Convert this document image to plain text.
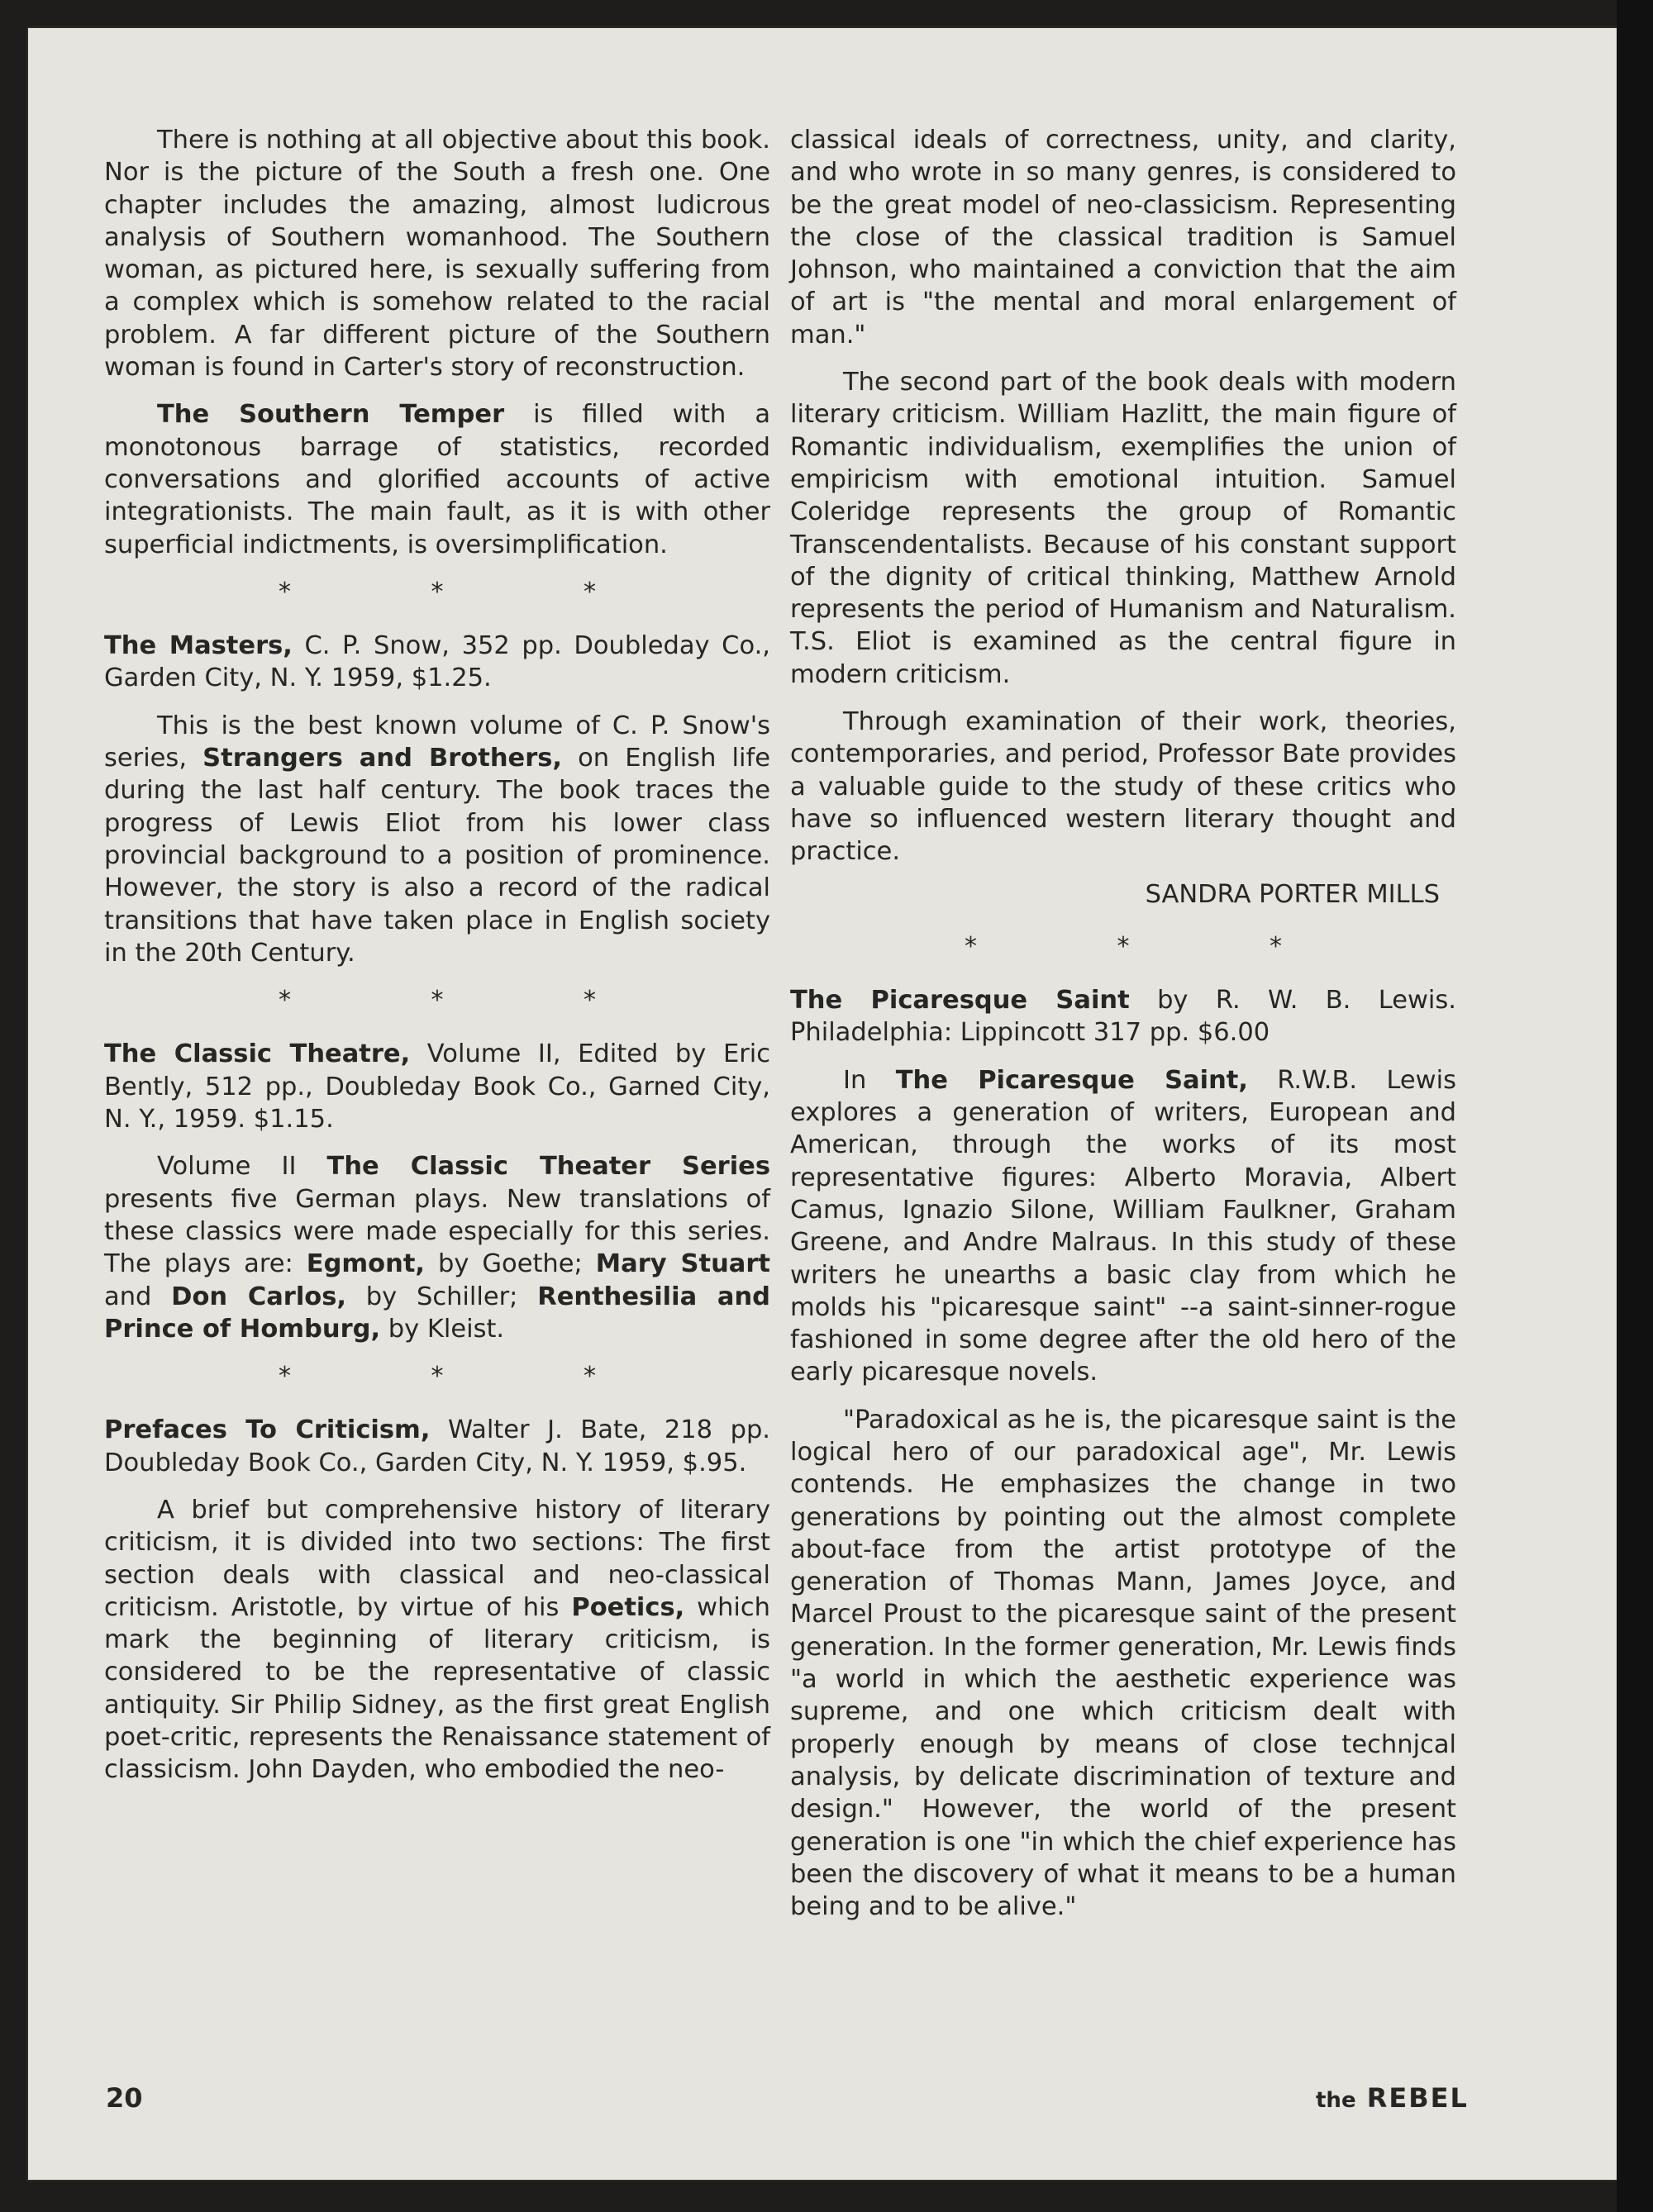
There is nothing at all objective about this book. Nor is the picture of the South a fresh one. One chapter includes the amazing, almost ludicrous analysis of Southern womanhood. The Southern woman, as pictured here, is sexually suffering from a complex which is somehow related to the racial problem. A far different picture of the Southern woman is found in Carter's story of reconstruction.

The Southern Temper is filled with a monotonous barrage of statistics, recorded conversations and glorified accounts of active integrationists. The main fault, as it is with other superficial indictments, is oversimplification.

* * *

The Masters, C. P. Snow, 352 pp. Doubleday Co., Garden City, N. Y. 1959, $1.25.

This is the best known volume of C. P. Snow's series, Strangers and Brothers, on English life during the last half century. The book traces the progress of Lewis Eliot from his lower class provincial background to a position of prominence. However, the story is also a record of the radical transitions that have taken place in English society in the 20th Century.

* * *

The Classic Theatre, Volume II, Edited by Eric Bently, 512 pp., Doubleday Book Co., Garned City, N. Y., 1959. $1.15.

Volume II The Classic Theater Series presents five German plays. New translations of these classics were made especially for this series. The plays are: Egmont, by Goethe; Mary Stuart and Don Carlos, by Schiller; Renthesilia and Prince of Homburg, by Kleist.

* * *

Prefaces To Criticism, Walter J. Bate, 218 pp. Doubleday Book Co., Garden City, N. Y. 1959, $.95.

A brief but comprehensive history of literary criticism, it is divided into two sections: The first section deals with classical and neo-classical criticism. Aristotle, by virtue of his Poetics, which mark the beginning of literary criticism, is considered to be the representative of classic antiquity. Sir Philip Sidney, as the first great English poet-critic, represents the Renaissance statement of classicism. John Dayden, who embodied the neo-

classical ideals of correctness, unity, and clarity, and who wrote in so many genres, is considered to be the great model of neo-classicism. Representing the close of the classical tradition is Samuel Johnson, who maintained a conviction that the aim of art is "the mental and moral enlargement of man."

The second part of the book deals with modern literary criticism. William Hazlitt, the main figure of Romantic individualism, exemplifies the union of empiricism with emotional intuition. Samuel Coleridge represents the group of Romantic Transcendentalists. Because of his constant support of the dignity of critical thinking, Matthew Arnold represents the period of Humanism and Naturalism. T.S. Eliot is examined as the central figure in modern criticism.

Through examination of their work, theories, contemporaries, and period, Professor Bate provides a valuable guide to the study of these critics who have so influenced western literary thought and practice.

SANDRA PORTER MILLS
* * *

The Picaresque Saint by R. W. B. Lewis. Philadelphia: Lippincott 317 pp. $6.00

In The Picaresque Saint, R.W.B. Lewis explores a generation of writers, European and American, through the works of its most representative figures: Alberto Moravia, Albert Camus, Ignazio Silone, William Faulkner, Graham Greene, and Andre Malraus. In this study of these writers he unearths a basic clay from which he molds his "picaresque saint" --a saint-sinner-rogue fashioned in some degree after the old hero of the early picaresque novels.

"Paradoxical as he is, the picaresque saint is the logical hero of our paradoxical age", Mr. Lewis contends. He emphasizes the change in two generations by pointing out the almost complete about-face from the artist prototype of the generation of Thomas Mann, James Joyce, and Marcel Proust to the picaresque saint of the present generation. In the former generation, Mr. Lewis finds "a world in which the aesthetic experience was supreme, and one which criticism dealt with properly enough by means of close technjcal analysis, by delicate discrimination of texture and design." However, the world of the present generation is one "in which the chief experience has been the discovery of what it means to be a human being and to be alive."

20	the REBEL
